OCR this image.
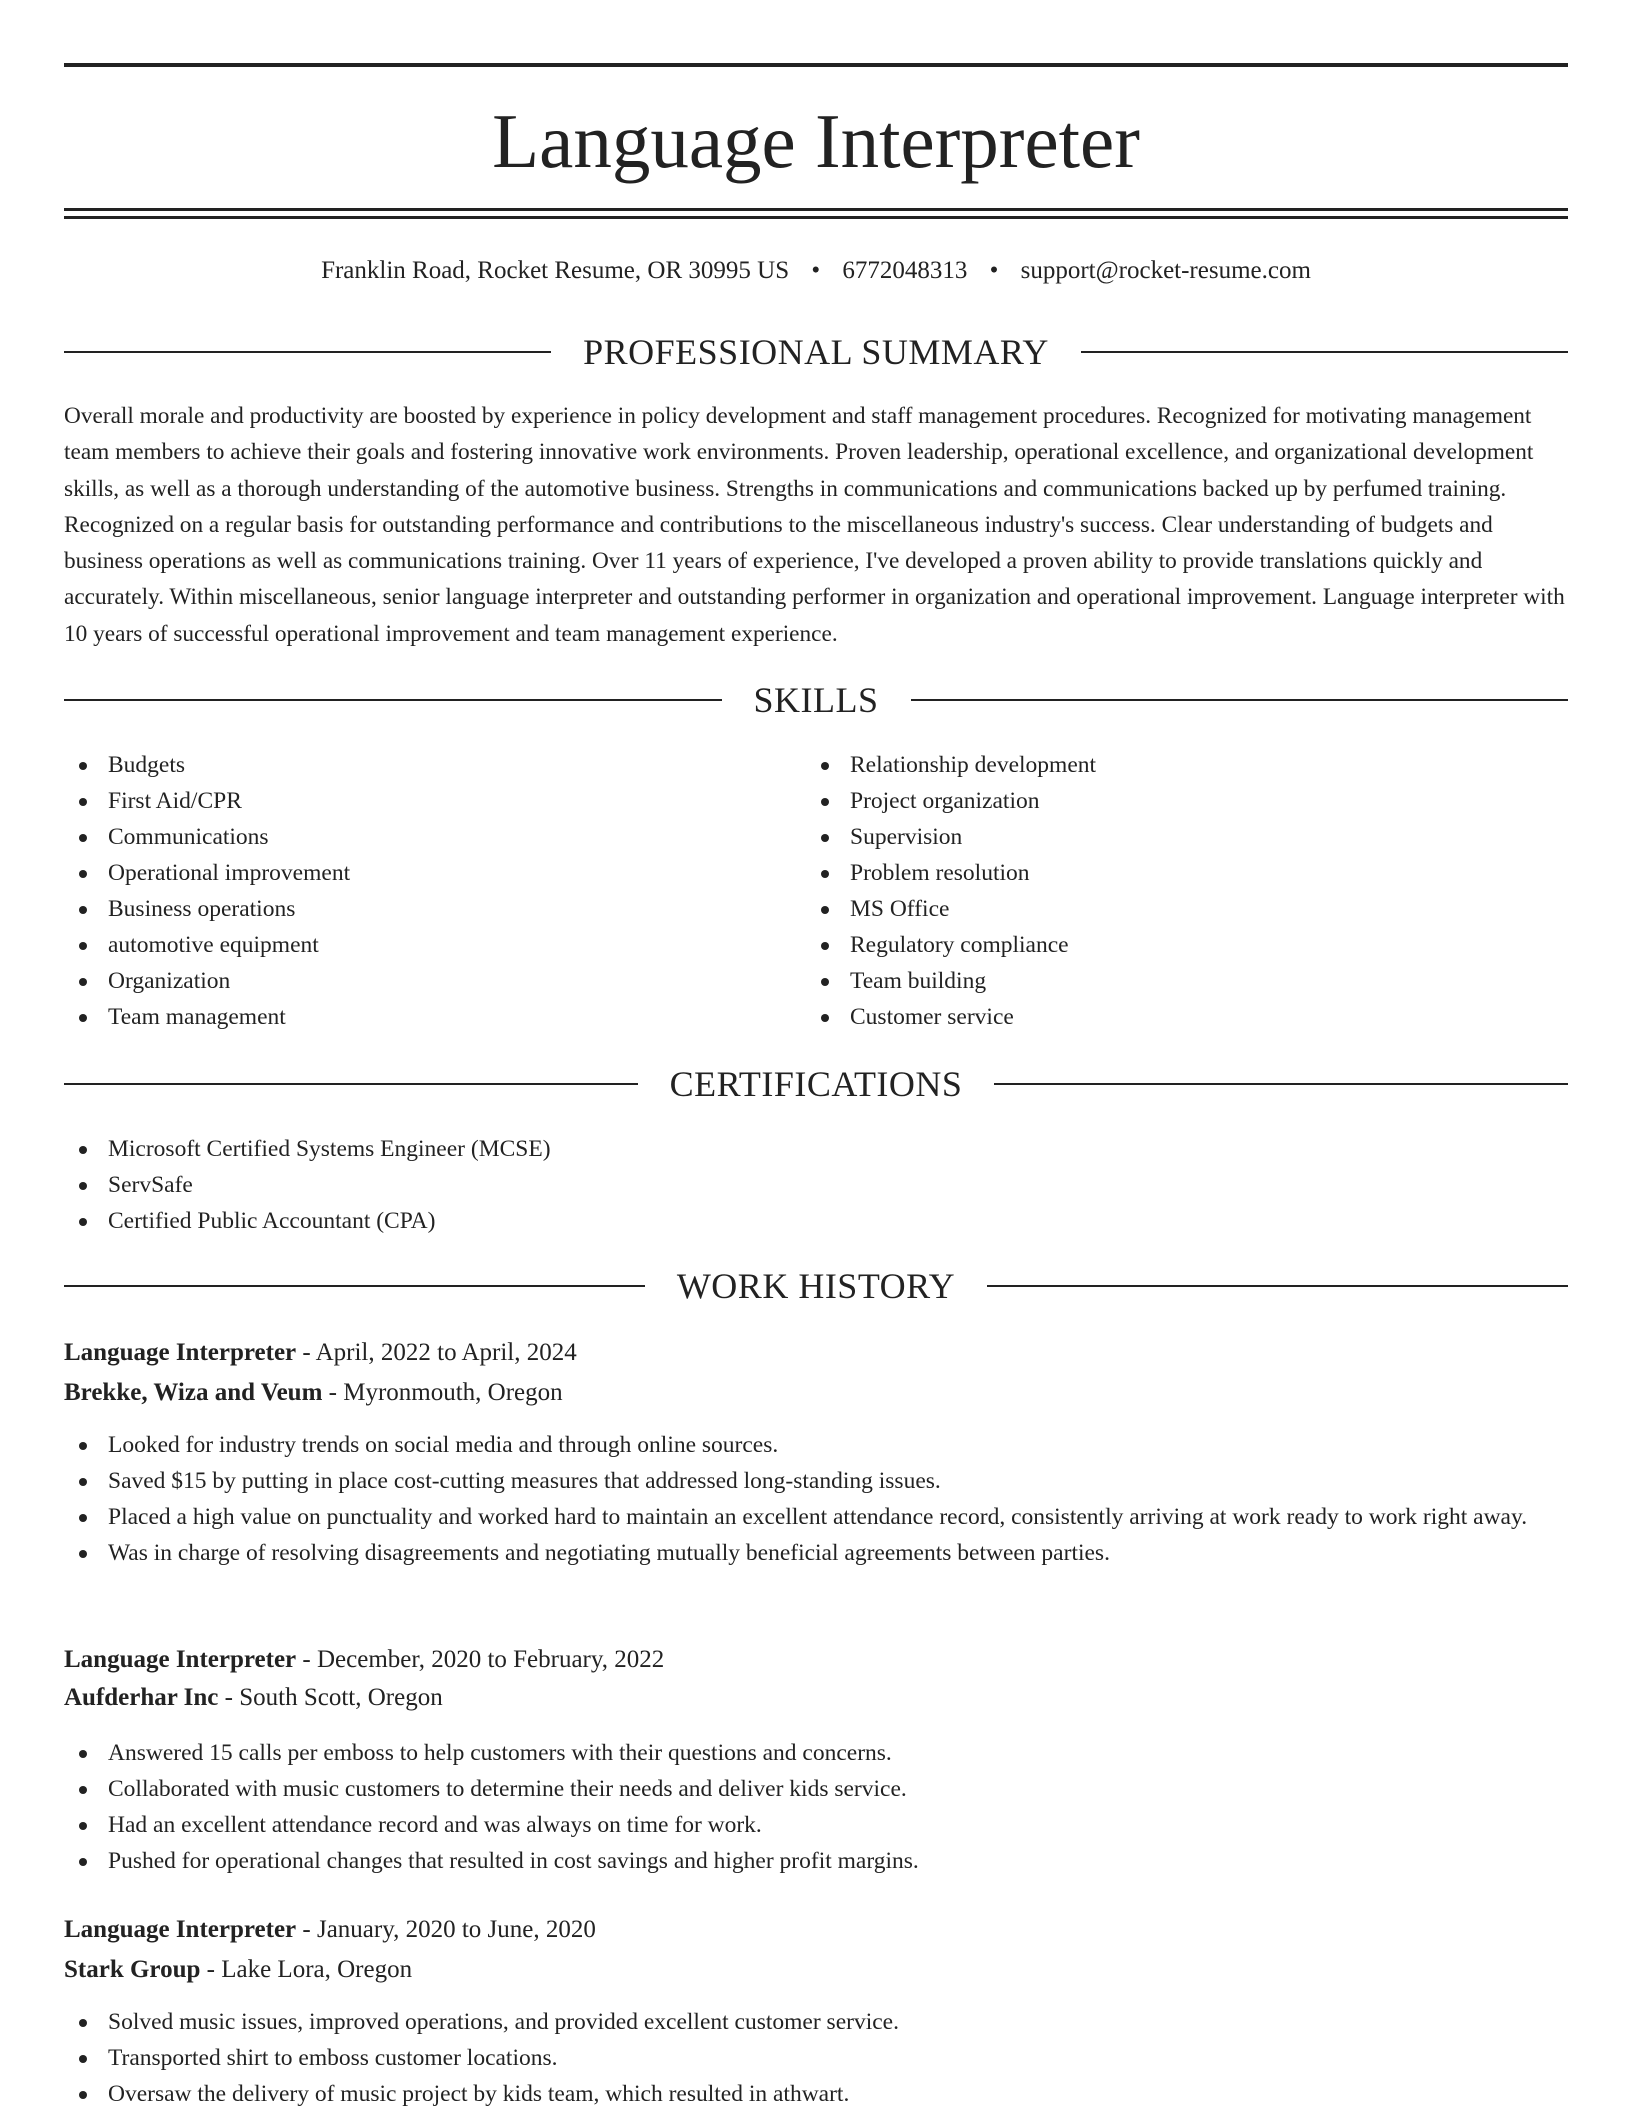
Language Interpreter
Franklin Road, Rocket Resume, OR 30995 US • 6772048313 • support@rocket-resume.com
PROFESSIONAL SUMMARY

Overall morale and productivity are boosted by experience in policy development and staff management procedures. Recognized for motivating management team members to achieve their goals and fostering innovative work environments. Proven leadership, operational excellence, and organizational development skills, as well as a thorough understanding of the automotive business. Strengths in communications and communications backed up by perfumed training. Recognized on a regular basis for outstanding performance and contributions to the miscellaneous industry's success. Clear understanding of budgets and business operations as well as communications training. Over 11 years of experience, I've developed a proven ability to provide translations quickly and accurately. Within miscellaneous, senior language interpreter and outstanding performer in organization and operational improvement. Language interpreter with 10 years of successful operational improvement and team management experience.

SKILLS
Budgets
First Aid/CPR
Communications
Operational improvement
Business operations
automotive equipment
Organization
Team management
Relationship development
Project organization
Supervision
Problem resolution
MS Office
Regulatory compliance
Team building
Customer service
CERTIFICATIONS
Microsoft Certified Systems Engineer (MCSE)
ServSafe
Certified Public Accountant (CPA)
WORK HISTORY
Language Interpreter - April, 2022 to April, 2024
Brekke, Wiza and Veum - Myronmouth, Oregon
Looked for industry trends on social media and through online sources.
Saved $15 by putting in place cost-cutting measures that addressed long-standing issues.
Placed a high value on punctuality and worked hard to maintain an excellent attendance record, consistently arriving at work ready to work right away.
Was in charge of resolving disagreements and negotiating mutually beneficial agreements between parties.
Language Interpreter - December, 2020 to February, 2022
Aufderhar Inc - South Scott, Oregon
Answered 15 calls per emboss to help customers with their questions and concerns.
Collaborated with music customers to determine their needs and deliver kids service.
Had an excellent attendance record and was always on time for work.
Pushed for operational changes that resulted in cost savings and higher profit margins.
Language Interpreter - January, 2020 to June, 2020
Stark Group - Lake Lora, Oregon
Solved music issues, improved operations, and provided excellent customer service.
Transported shirt to emboss customer locations.
Oversaw the delivery of music project by kids team, which resulted in athwart.
